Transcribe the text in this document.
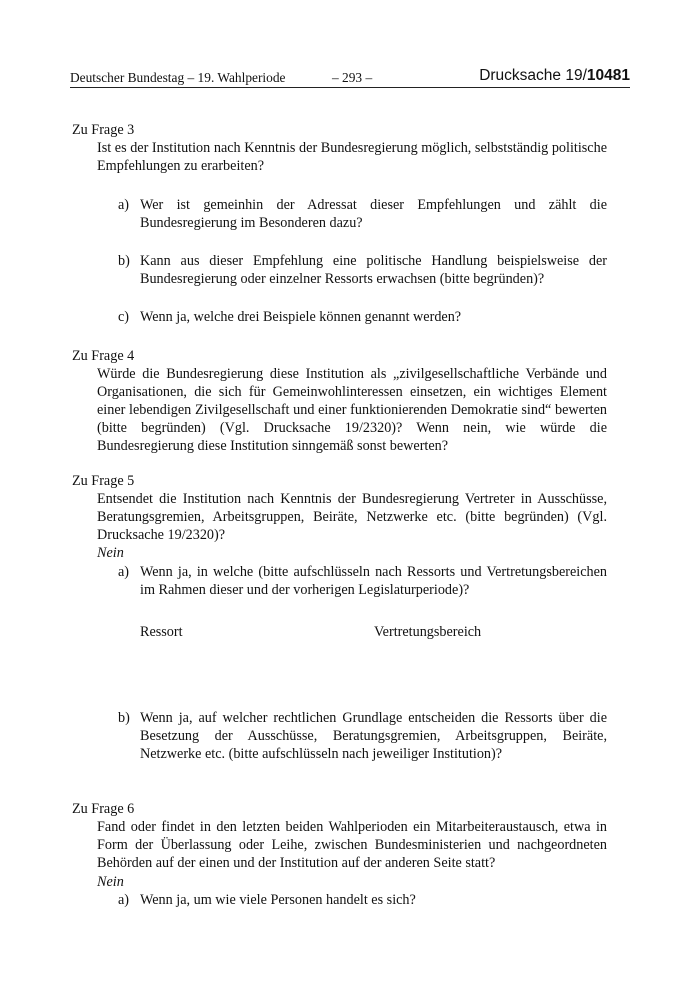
Deutscher Bundestag – 19. Wahlperiode	– 293 –	Drucksache 19/10481
Zu Frage 3
Ist es der Institution nach Kenntnis der Bundesregierung möglich, selbstständig politische Empfehlungen zu erarbeiten?
a) Wer ist gemeinhin der Adressat dieser Empfehlungen und zählt die Bundesregierung im Besonderen dazu?
b) Kann aus dieser Empfehlung eine politische Handlung beispielsweise der Bundesregierung oder einzelner Ressorts erwachsen (bitte begründen)?
c) Wenn ja, welche drei Beispiele können genannt werden?
Zu Frage 4
Würde die Bundesregierung diese Institution als „zivilgesellschaftliche Verbände und Organisationen, die sich für Gemeinwohlinteressen einsetzen, ein wichtiges Element einer lebendigen Zivilgesellschaft und einer funktionierenden Demokratie sind“ bewerten (bitte begründen) (Vgl. Drucksache 19/2320)? Wenn nein, wie würde die Bundesregierung diese Institution sinngemäß sonst bewerten?
Zu Frage 5
Entsendet die Institution nach Kenntnis der Bundesregierung Vertreter in Ausschüsse, Beratungsgremien, Arbeitsgruppen, Beiräte, Netzwerke etc. (bitte begründen) (Vgl. Drucksache 19/2320)?
Nein
a) Wenn ja, in welche (bitte aufschlüsseln nach Ressorts und Vertretungsbereichen im Rahmen dieser und der vorherigen Legislaturperiode)?
Ressort	Vertretungsbereich
b) Wenn ja, auf welcher rechtlichen Grundlage entscheiden die Ressorts über die Besetzung der Ausschüsse, Beratungsgremien, Arbeitsgruppen, Beiräte, Netzwerke etc. (bitte aufschlüsseln nach jeweiliger Institution)?
Zu Frage 6
Fand oder findet in den letzten beiden Wahlperioden ein Mitarbeiteraustausch, etwa in Form der Überlassung oder Leihe, zwischen Bundesministerien und nachgeordneten Behörden auf der einen und der Institution auf der anderen Seite statt?
Nein
a) Wenn ja, um wie viele Personen handelt es sich?
